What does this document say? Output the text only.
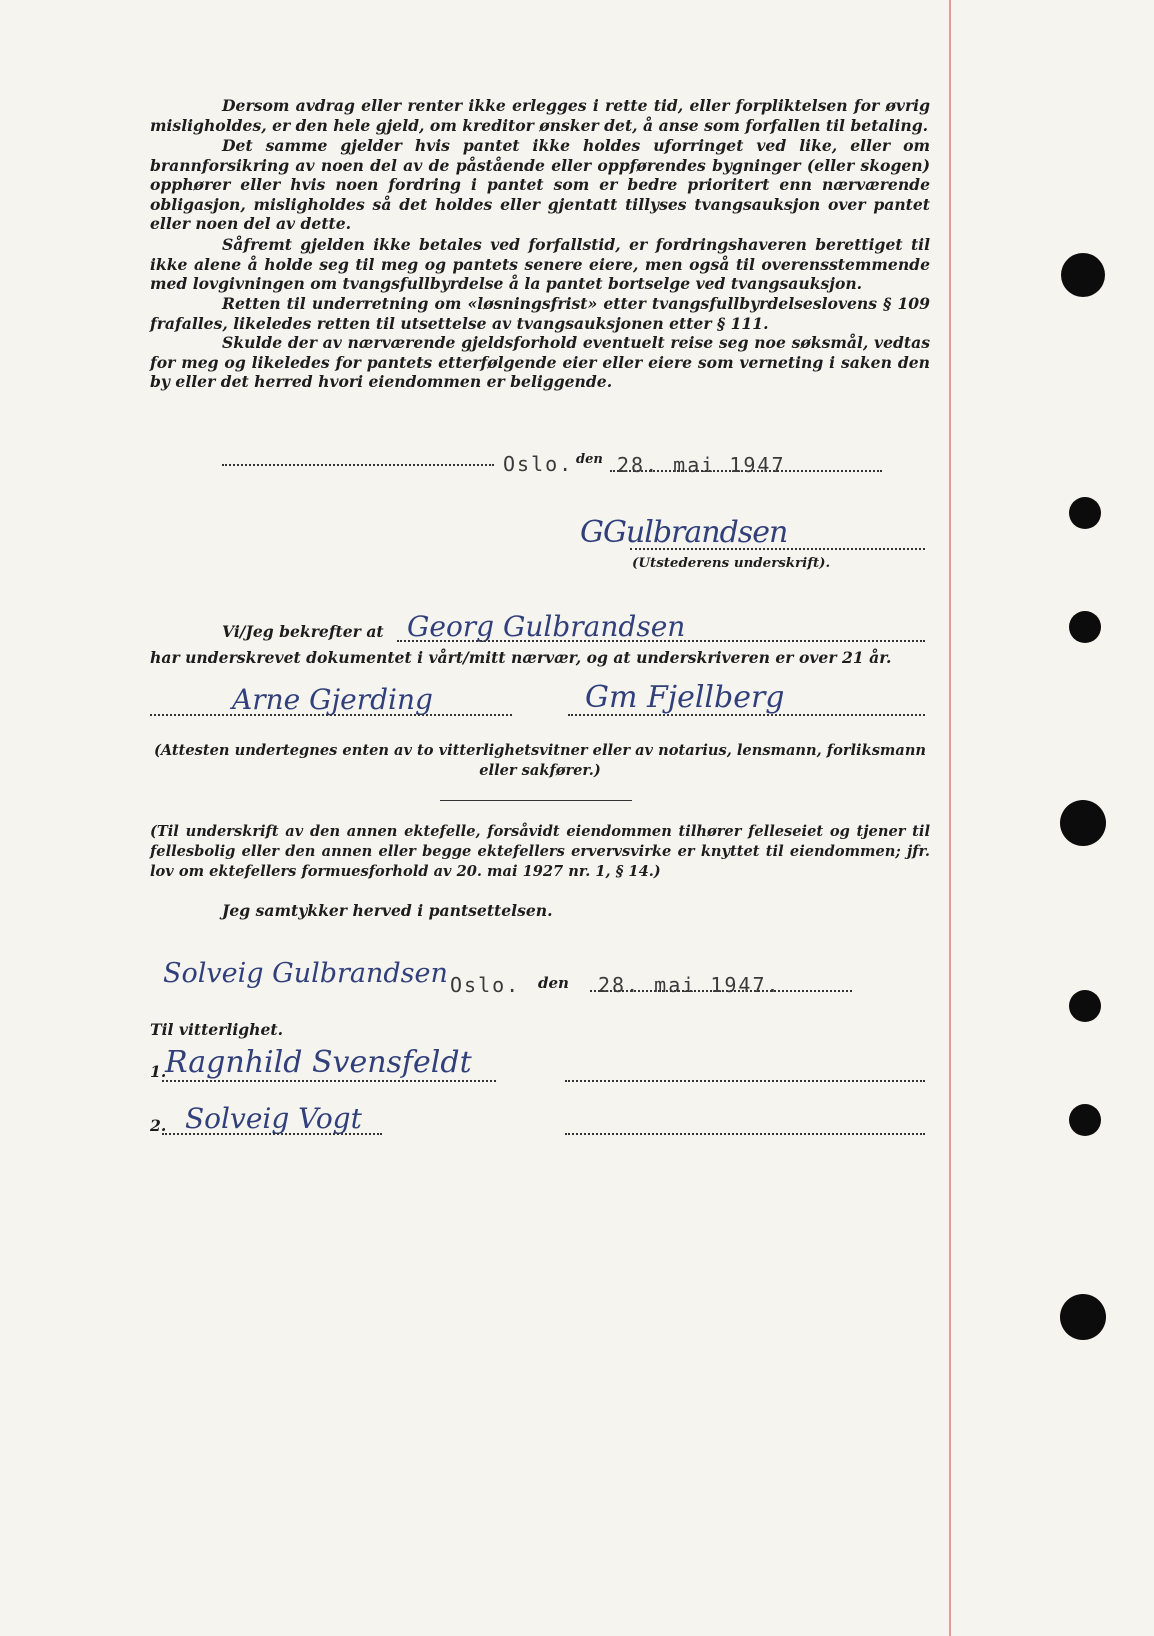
Dersom avdrag eller renter ikke erlegges i rette tid, eller forpliktelsen for øvrig misligholdes, er den hele gjeld, om kreditor ønsker det, å anse som forfallen til betaling.

Det samme gjelder hvis pantet ikke holdes uforringet ved like, eller om brannforsikring av noen del av de påstående eller oppførendes bygninger (eller skogen) opphører eller hvis noen fordring i pantet som er bedre prioritert enn nærværende obligasjon, misligholdes så det holdes eller gjentatt tillyses tvangsauksjon over pantet eller noen del av dette.

Såfremt gjelden ikke betales ved forfallstid, er fordringshaveren berettiget til ikke alene å holde seg til meg og pantets senere eiere, men også til overensstemmende med lovgivningen om tvangsfullbyrdelse å la pantet bortselge ved tvangsauksjon.

Retten til underretning om «løsningsfrist» etter tvangsfullbyrdelseslovens § 109 frafalles, likeledes retten til utsettelse av tvangsauksjonen etter § 111.

Skulde der av nærværende gjeldsforhold eventuelt reise seg noe søksmål, vedtas for meg og likeledes for pantets etterfølgende eier eller eiere som verneting i saken den by eller det herred hvori eiendommen er beliggende.

Oslo. den 28. mai 1947
GGulbrandsen
(Utstederens underskrift).
Vi/Jeg bekrefter at Georg Gulbrandsen
har underskrevet dokumentet i vårt/mitt nærvær, og at underskriveren er over 21 år.
Arne Gjerding	Gm Fjellberg

(Attesten undertegnes enten av to vitterlighetsvitner eller av notarius, lensmann, forliksmann eller sakfører.)

(Til underskrift av den annen ektefelle, forsåvidt eiendommen tilhører felleseiet og tjener til fellesbolig eller den annen eller begge ektefellers ervervsvirke er knyttet til eiendommen; jfr. lov om ektefellers formuesforhold av 20. mai 1927 nr. 1, § 14.)

Jeg samtykker herved i pantsettelsen.
Solveig Gulbrandsen Oslo. den 28. mai 1947.
Til vitterlighet.
1.
Ragnhild Svensfeldt
2. Solveig Vogt
